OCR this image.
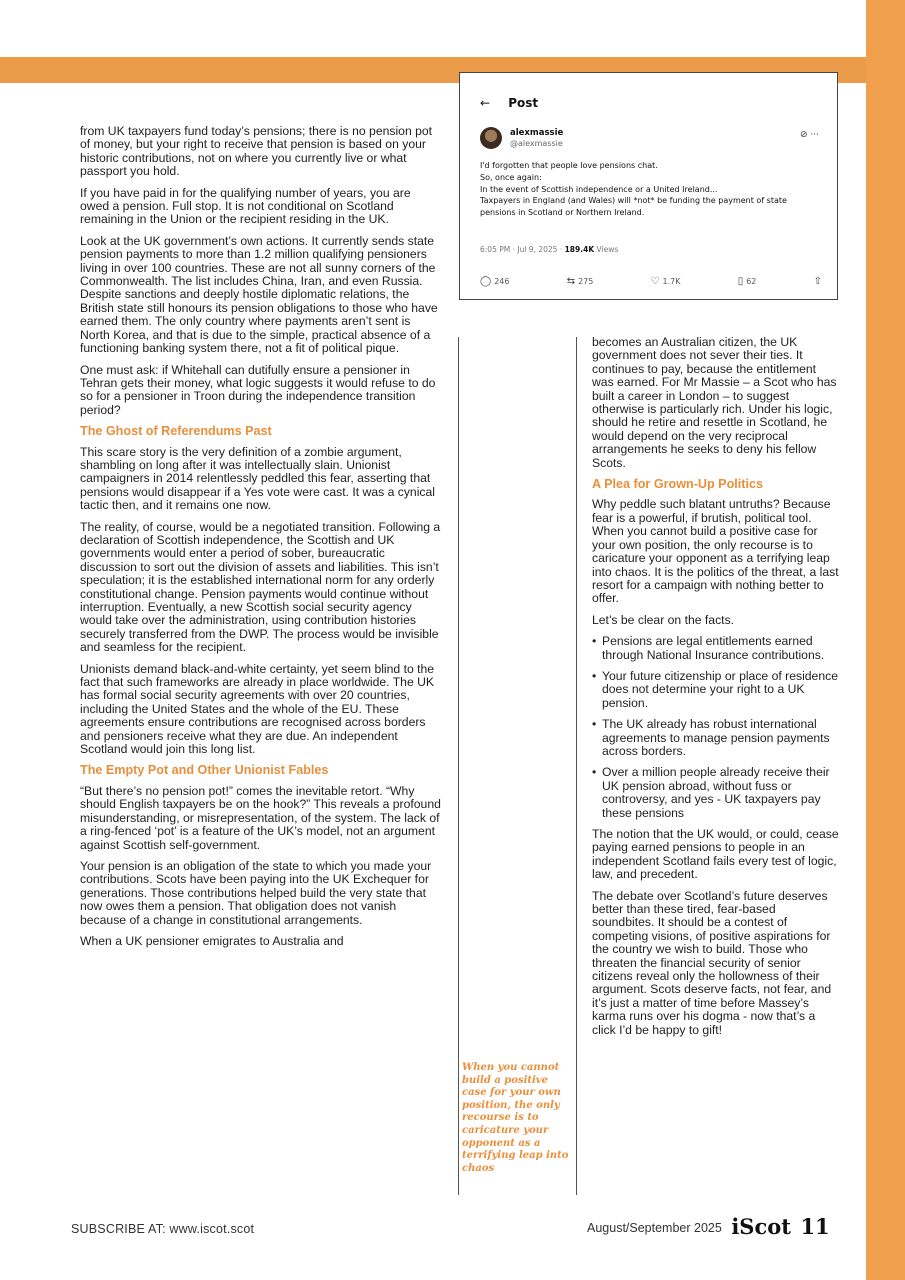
← Post
alexmassie
@alexmassie
⊘ ···
I'd forgotten that people love pensions chat.
So, once again:
In the event of Scottish independence or a United Ireland...
Taxpayers in England (and Wales) will *not* be funding the payment of state pensions in Scotland or Northern Ireland.
6:05 PM · Jul 9, 2025 · 189.4K Views
◯ 246	⇆ 275	♡ 1.7K	▯ 62	⇧

from UK taxpayers fund today’s pensions; there is no pension pot of money, but your right to receive that pension is based on your historic contributions, not on where you currently live or what passport you hold.

If you have paid in for the qualifying number of years, you are owed a pension. Full stop. It is not conditional on Scotland remaining in the Union or the recipient residing in the UK.

Look at the UK government’s own actions. It currently sends state pension payments to more than 1.2 million qualifying pensioners living in over 100 countries. These are not all sunny corners of the Commonwealth. The list includes China, Iran, and even Russia. Despite sanctions and deeply hostile diplomatic relations, the British state still honours its pension obligations to those who have earned them. The only country where payments aren’t sent is North Korea, and that is due to the simple, practical absence of a functioning banking system there, not a fit of political pique.

One must ask: if Whitehall can dutifully ensure a pensioner in Tehran gets their money, what logic suggests it would refuse to do so for a pensioner in Troon during the independence transition period?

The Ghost of Referendums Past

This scare story is the very definition of a zombie argument, shambling on long after it was intellectually slain. Unionist campaigners in 2014 relentlessly peddled this fear, asserting that pensions would disappear if a Yes vote were cast. It was a cynical tactic then, and it remains one now.

The reality, of course, would be a negotiated transition. Following a declaration of Scottish independence, the Scottish and UK governments would enter a period of sober, bureaucratic discussion to sort out the division of assets and liabilities. This isn’t speculation; it is the established international norm for any orderly constitutional change. Pension payments would continue without interruption. Eventually, a new Scottish social security agency would take over the administration, using contribution histories securely transferred from the DWP. The process would be invisible and seamless for the recipient.

Unionists demand black-and-white certainty, yet seem blind to the fact that such frameworks are already in place worldwide. The UK has formal social security agreements with over 20 countries, including the United States and the whole of the EU. These agreements ensure contributions are recognised across borders and pensioners receive what they are due. An independent Scotland would join this long list.

The Empty Pot and Other Unionist Fables

“But there’s no pension pot!” comes the inevitable retort. “Why should English taxpayers be on the hook?” This reveals a profound misunderstanding, or misrepresentation, of the system. The lack of a ring-fenced ‘pot’ is a feature of the UK’s model, not an argument against Scottish self-government.

Your pension is an obligation of the state to which you made your contributions. Scots have been paying into the UK Exchequer for generations. Those contributions helped build the very state that now owes them a pension. That obligation does not vanish because of a change in constitutional arrangements.

When a UK pensioner emigrates to Australia and

When you cannot build a positive case for your own position, the only recourse is to caricature your opponent as a terrifying leap into chaos

becomes an Australian citizen, the UK government does not sever their ties. It continues to pay, because the entitlement was earned. For Mr Massie – a Scot who has built a career in London – to suggest otherwise is particularly rich. Under his logic, should he retire and resettle in Scotland, he would depend on the very reciprocal arrangements he seeks to deny his fellow Scots.

A Plea for Grown-Up Politics

Why peddle such blatant untruths? Because fear is a powerful, if brutish, political tool. When you cannot build a positive case for your own position, the only recourse is to caricature your opponent as a terrifying leap into chaos. It is the politics of the threat, a last resort for a campaign with nothing better to offer.

Let’s be clear on the facts.

• Pensions are legal entitlements earned through National Insurance contributions.
• Your future citizenship or place of residence does not determine your right to a UK pension.
• The UK already has robust international agreements to manage pension payments across borders.
• Over a million people already receive their UK pension abroad, without fuss or controversy, and yes - UK taxpayers pay these pensions

The notion that the UK would, or could, cease paying earned pensions to people in an independent Scotland fails every test of logic, law, and precedent.

The debate over Scotland’s future deserves better than these tired, fear-based soundbites. It should be a contest of competing visions, of positive aspirations for the country we wish to build. Those who threaten the financial security of senior citizens reveal only the hollowness of their argument. Scots deserve facts, not fear, and it’s just a matter of time before Massey’s karma runs over his dogma - now that’s a click I’d be happy to gift!

SUBSCRIBE AT: www.iscot.scot	August/September 2025 iScot 11
